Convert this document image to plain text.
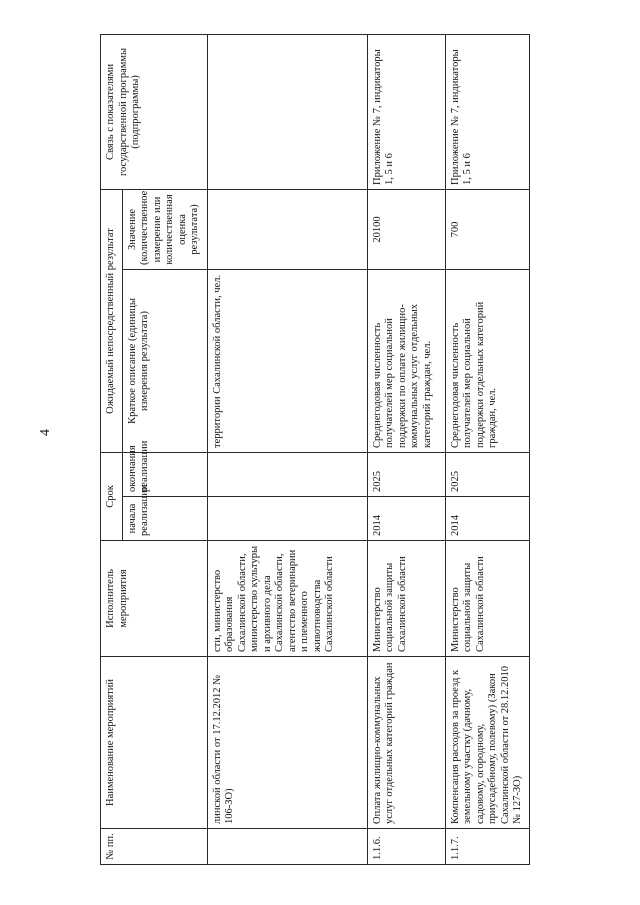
4
№ пп.	Наименование мероприятий	Исполнитель мероприятия	Срок		Ожидаемый непосредственный результат		Связь с показателями государственной программы (подпрограммы)
			начала реализации	окончания реализации	Краткое описание (единицы измерения результата)	Значение (количественное измерение или количественная оценка результата)	
	линской области от 17.12.2012 № 106-ЗО)	сти, министерство образования Сахалинской области, министерство культуры и архивного дела Сахалинской области, агентство ветеринарии и племенного животноводства Сахалинской области			территории Сахалинской области, чел.		
1.1.6.	Оплата жилищно-коммунальных услуг отдельных категорий граждан	Министерство социальной защиты Сахалинской области	2014	2025	Среднегодовая численность получателей мер социальной поддержки по оплате жилищно-коммунальных услуг отдельных категорий граждан, чел.	20100	Приложение № 7, индикаторы 1, 5 и 6
1.1.7.	Компенсация расходов за проезд к земельному участку (дачному, садовому, огородному, приусадебному, полевому) (Закон Сахалинской области от 28.12.2010 № 127-ЗО)	Министерство социальной защиты Сахалинской области	2014	2025	Среднегодовая численность получателей мер социальной поддержки отдельных категорий граждан, чел.	700	Приложение № 7, индикаторы 1, 5 и 6
